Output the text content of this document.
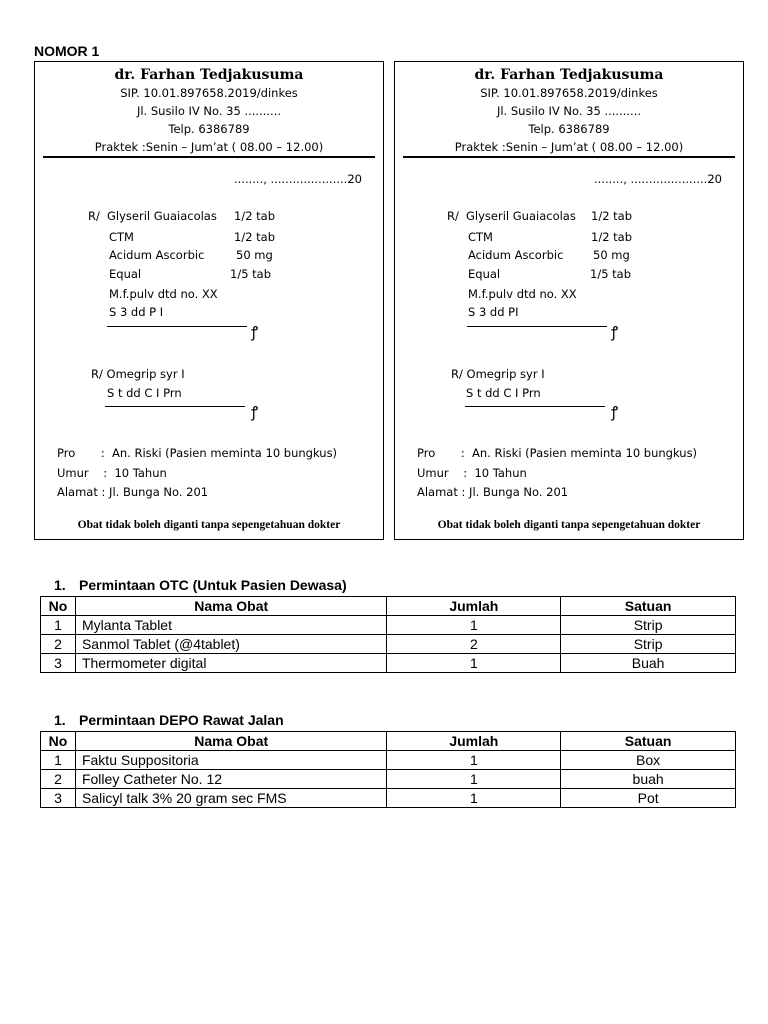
NOMOR 1
dr. Farhan Tedjakusuma
SIP. 10.01.897658.2019/dinkes
Jl. Susilo IV No. 35 ..........
Telp. 6386789
Praktek :Senin – Jum’at ( 08.00 – 12.00)
........, .....................20
R/ Glyseril Guaiacolas 1/2 tab
CTM	1/2 tab
Acidum Ascorbic	50 mg
Equal	1/5 tab
M.f.pulv dtd no. XX
S 3 dd P I
ꝭ
R/ Omegrip syr I
S t dd C I Prn
ꝭ
Pro       :  An. Riski (Pasien meminta 10 bungkus)
Umur    :  10 Tahun
Alamat : Jl. Bunga No. 201
Obat tidak boleh diganti tanpa sepengetahuan dokter
dr. Farhan Tedjakusuma
SIP. 10.01.897658.2019/dinkes
Jl. Susilo IV No. 35 ..........
Telp. 6386789
Praktek :Senin – Jum’at ( 08.00 – 12.00)
........, .....................20
R/ Glyseril Guaiacolas 1/2 tab
CTM	1/2 tab
Acidum Ascorbic	50 mg
Equal	1/5 tab
M.f.pulv dtd no. XX
S 3 dd PI
ꝭ
R/ Omegrip syr I
S t dd C I Prn
ꝭ
Pro       :  An. Riski (Pasien meminta 10 bungkus)
Umur    :  10 Tahun
Alamat : Jl. Bunga No. 201
Obat tidak boleh diganti tanpa sepengetahuan dokter
1. Permintaan OTC (Untuk Pasien Dewasa)
No	Nama Obat	Jumlah	Satuan
1	Mylanta Tablet	1	Strip
2	Sanmol Tablet (@4tablet)	2	Strip
3	Thermometer digital	1	Buah
1. Permintaan DEPO Rawat Jalan
No	Nama Obat	Jumlah	Satuan
1	Faktu Suppositoria	1	Box
2	Folley Catheter No. 12	1	buah
3	Salicyl talk 3% 20 gram sec FMS	1	Pot
